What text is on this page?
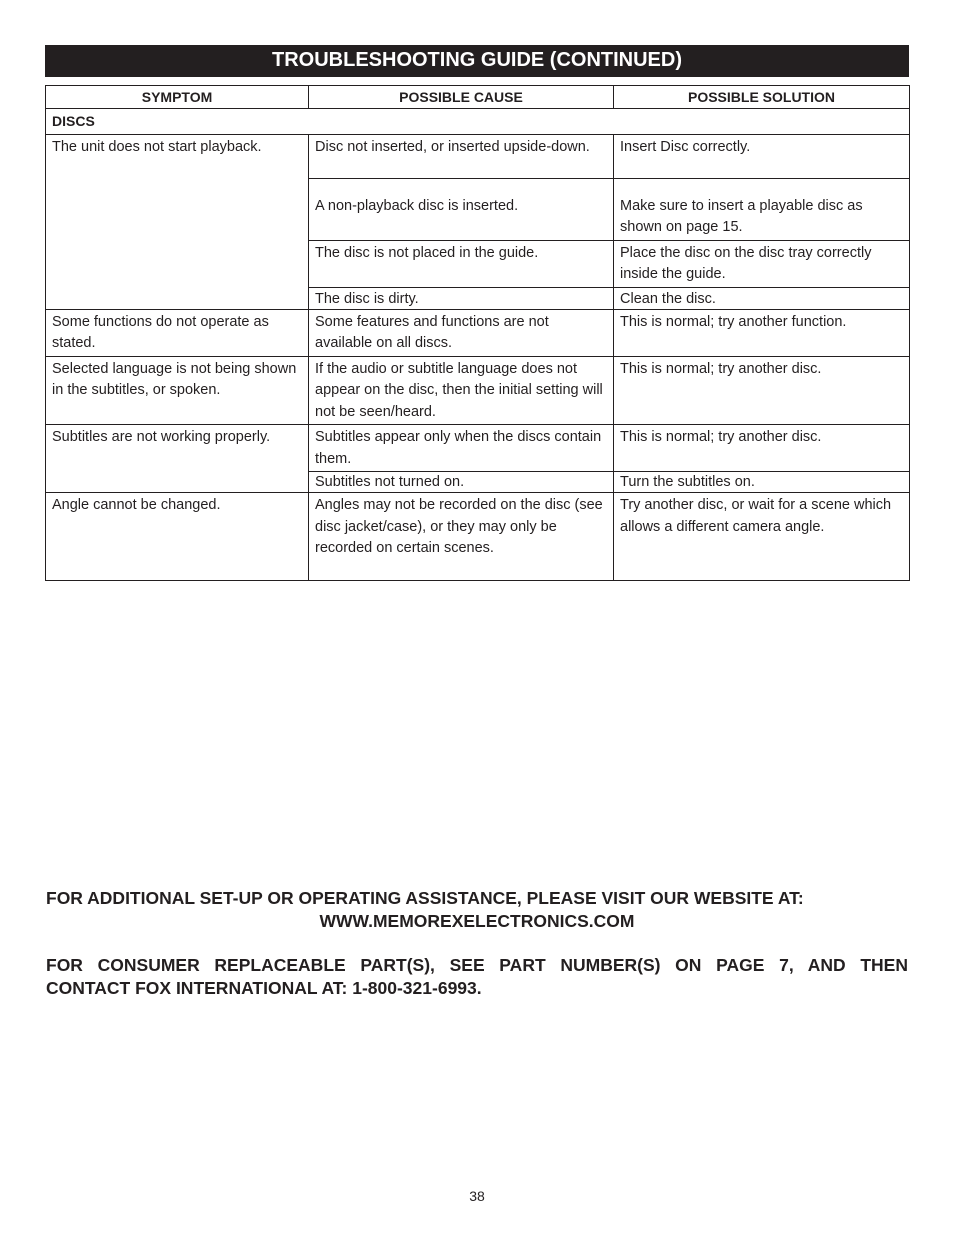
TROUBLESHOOTING GUIDE (CONTINUED)
SYMPTOM	POSSIBLE CAUSE	POSSIBLE SOLUTION
DISCS		
The unit does not start playback.	Disc not inserted, or inserted upside-down.	Insert Disc correctly.
	A non-playback disc is inserted.	Make sure to insert a playable disc as shown on page 15.
	The disc is not placed in the guide.	Place the disc on the disc tray correctly inside the guide.
	The disc is dirty.	Clean the disc.
Some functions do not operate as stated.	Some features and functions are not available on all discs.	This is normal; try another function.
Selected language is not being shown in the subtitles, or spoken.	If the audio or subtitle language does not appear on the disc, then the initial setting will not be seen/heard.	This is normal; try another disc.
Subtitles are not working properly.	Subtitles appear only when the discs contain them.	This is normal; try another disc.
	Subtitles not turned on.	Turn the subtitles on.
Angle cannot be changed.	Angles may not be recorded on the disc (see disc jacket/case), or they may only be recorded on certain scenes.	Try another disc, or wait for a scene which allows a different camera angle.
FOR ADDITIONAL SET-UP OR OPERATING ASSISTANCE, PLEASE VISIT OUR WEBSITE AT:
WWW.MEMOREXELECTRONICS.COM
FOR CONSUMER REPLACEABLE PART(S), SEE PART NUMBER(S) ON PAGE 7, AND THEN
CONTACT FOX INTERNATIONAL AT: 1-800-321-6993.
38
